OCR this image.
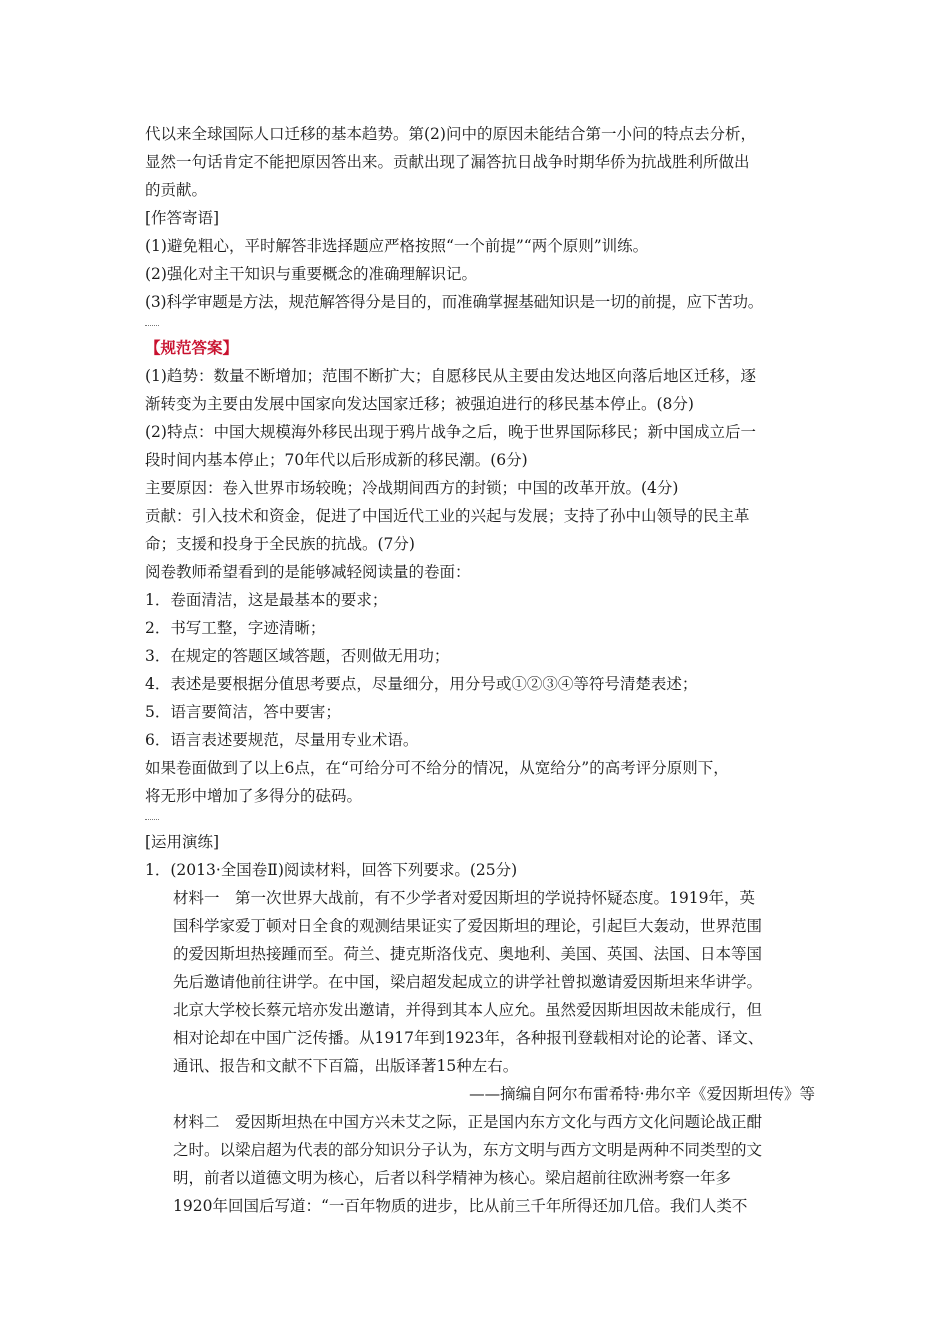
代以来全球国际人口迁移的基本趋势。第(2)问中的原因未能结合第一小问的特点去分析，
显然一句话肯定不能把原因答出来。贡献出现了漏答抗日战争时期华侨为抗战胜利所做出
的贡献。
[作答寄语]
(1)避免粗心，平时解答非选择题应严格按照“一个前提”“两个原则”训练。
(2)强化对主干知识与重要概念的准确理解识记。
(3)科学审题是方法，规范解答得分是目的，而准确掌握基础知识是一切的前提，应下苦功。
【规范答案】
(1)趋势：数量不断增加；范围不断扩大；自愿移民从主要由发达地区向落后地区迁移，逐
渐转变为主要由发展中国家向发达国家迁移；被强迫进行的移民基本停止。(8分)
(2)特点：中国大规模海外移民出现于鸦片战争之后，晚于世界国际移民；新中国成立后一
段时间内基本停止；70年代以后形成新的移民潮。(6分)
主要原因：卷入世界市场较晚；冷战期间西方的封锁；中国的改革开放。(4分)
贡献：引入技术和资金，促进了中国近代工业的兴起与发展；支持了孙中山领导的民主革
命；支援和投身于全民族的抗战。(7分)
阅卷教师希望看到的是能够减轻阅读量的卷面：
1．卷面清洁，这是最基本的要求；
2．书写工整，字迹清晰；
3．在规定的答题区域答题，否则做无用功；
4．表述是要根据分值思考要点，尽量细分，用分号或①②③④等符号清楚表述；
5．语言要简洁，答中要害；
6．语言表述要规范，尽量用专业术语。
如果卷面做到了以上6点，在“可给分可不给分的情况，从宽给分”的高考评分原则下，
将无形中增加了多得分的砝码。
[运用演练]
1．(2013·全国卷Ⅱ)阅读材料，回答下列要求。(25分)
材料一　第一次世界大战前，有不少学者对爱因斯坦的学说持怀疑态度。1919年，英
国科学家爱丁顿对日全食的观测结果证实了爱因斯坦的理论，引起巨大轰动，世界范围
的爱因斯坦热接踵而至。荷兰、捷克斯洛伐克、奥地利、美国、英国、法国、日本等国
先后邀请他前往讲学。在中国，梁启超发起成立的讲学社曾拟邀请爱因斯坦来华讲学。
北京大学校长蔡元培亦发出邀请，并得到其本人应允。虽然爱因斯坦因故未能成行，但
相对论却在中国广泛传播。从1917年到1923年，各种报刊登载相对论的论著、译文、
通讯、报告和文献不下百篇，出版译著15种左右。
——摘编自阿尔布雷希特·弗尔辛《爱因斯坦传》等
材料二　爱因斯坦热在中国方兴未艾之际，正是国内东方文化与西方文化问题论战正酣
之时。以梁启超为代表的部分知识分子认为，东方文明与西方文明是两种不同类型的文
明，前者以道德文明为核心，后者以科学精神为核心。梁启超前往欧洲考察一年多
1920年回国后写道：“一百年物质的进步，比从前三千年所得还加几倍。我们人类不
